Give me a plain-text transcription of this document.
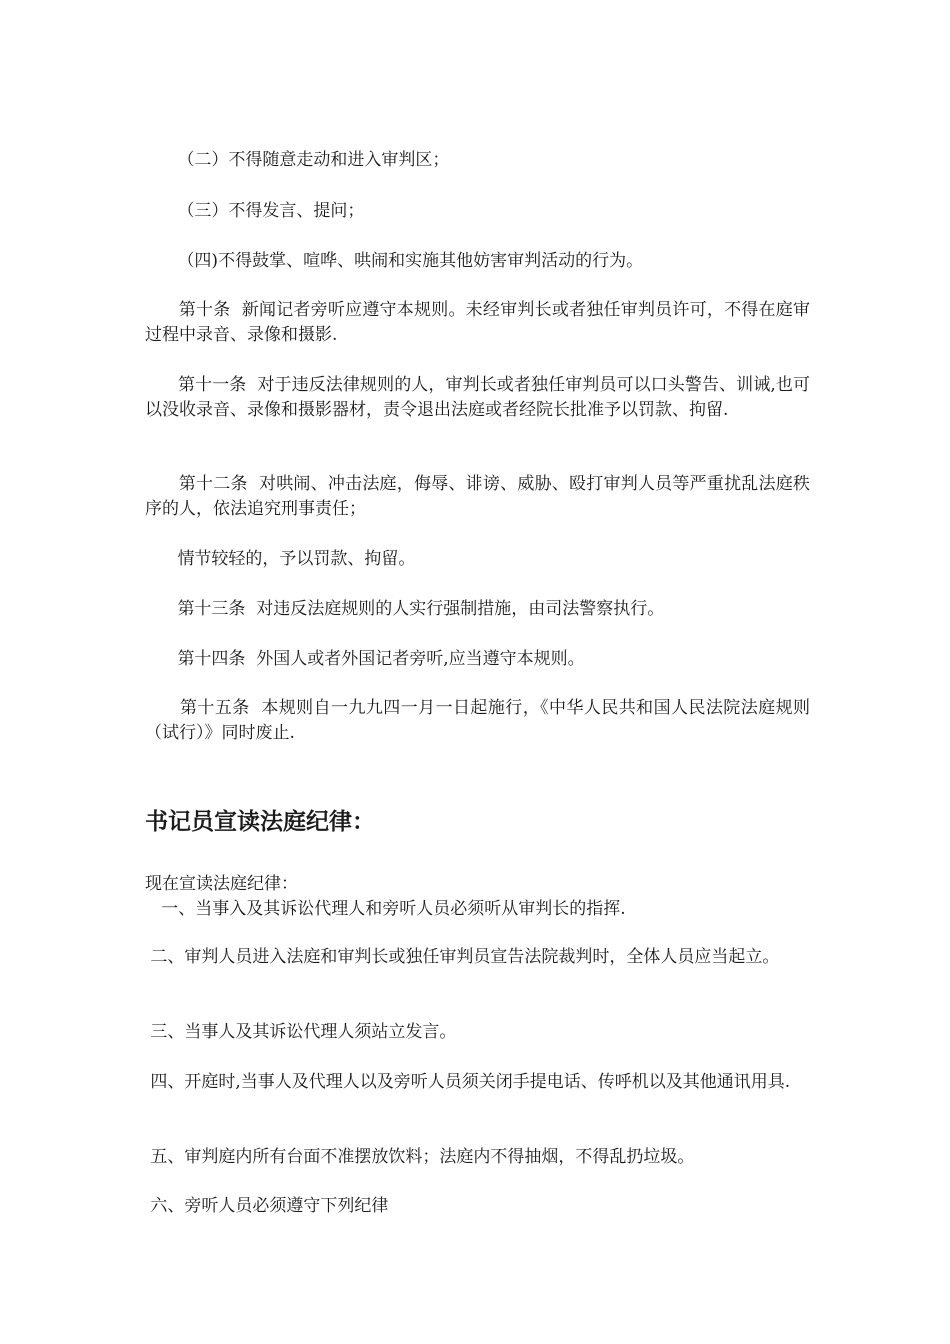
（二）不得随意走动和进入审判区；

（三）不得发言、提问；

（四)不得鼓掌、喧哗、哄闹和实施其他妨害审判活动的行为。

第十条  新闻记者旁听应遵守本规则。未经审判长或者独任审判员许可，不得在庭审过程中录音、录像和摄影.

第十一条  对于违反法律规则的人，审判长或者独任审判员可以口头警告、训诫,也可以没收录音、录像和摄影器材，责令退出法庭或者经院长批准予以罚款、拘留.

第十二条  对哄闹、冲击法庭，侮辱、诽谤、威胁、殴打审判人员等严重扰乱法庭秩序的人，依法追究刑事责任；

情节较轻的，予以罚款、拘留。

第十三条  对违反法庭规则的人实行强制措施，由司法警察执行。

第十四条  外国人或者外国记者旁听,应当遵守本规则。

第十五条  本规则自一九九四一月一日起施行，《中华人民共和国人民法院法庭规则（试行）》同时废止.

书记员宣读法庭纪律：

现在宣读法庭纪律：

一、当事入及其诉讼代理人和旁听人员必须听从审判长的指挥.

二、审判人员进入法庭和审判长或独任审判员宣告法院裁判时，全体人员应当起立。

三、当事人及其诉讼代理人须站立发言。

四、开庭时,当事人及代理人以及旁听人员须关闭手提电话、传呼机以及其他通讯用具.

五、审判庭内所有台面不准摆放饮料；法庭内不得抽烟，不得乱扔垃圾。

六、旁听人员必须遵守下列纪律
